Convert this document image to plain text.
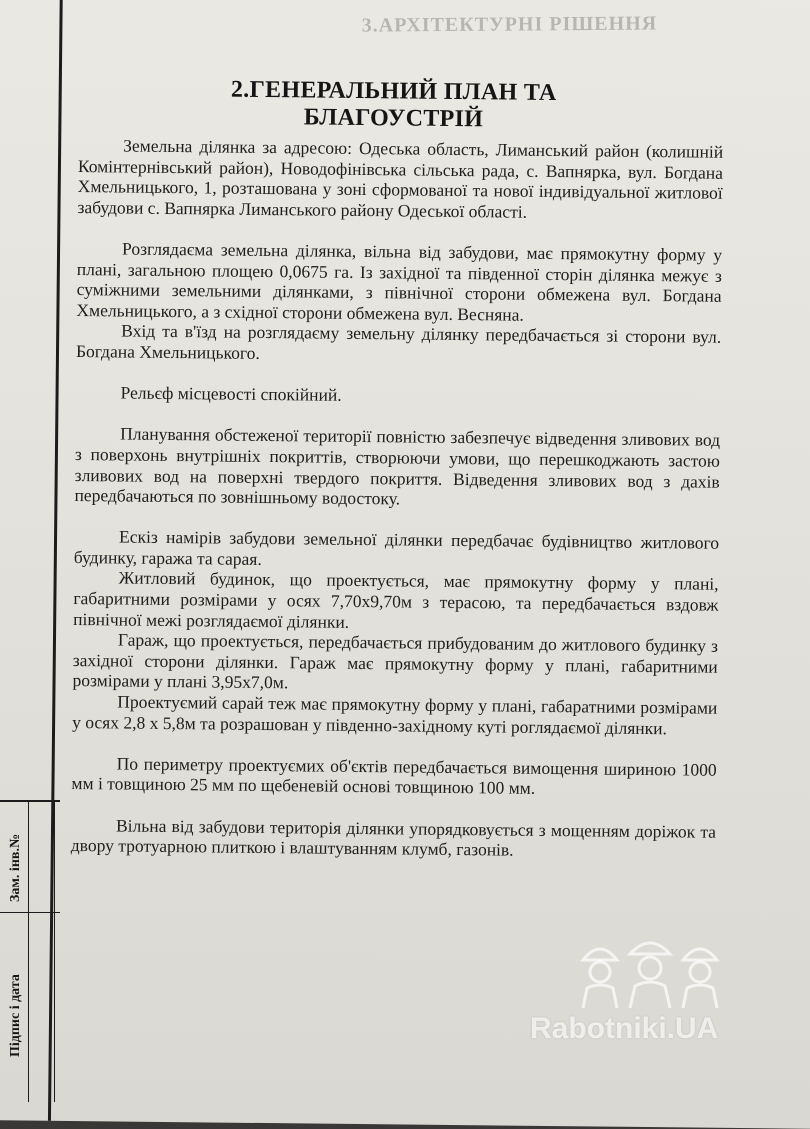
3.АРХІТЕКТУРНІ РІШЕННЯ
2.ГЕНЕРАЛЬНИЙ ПЛАН ТА БЛАГОУСТРІЙ

Земельна ділянка за адресою: Одеська область, Лиманський район (колишній Комінтернівський район), Новодофінівська сільська рада, с. Вапнярка, вул. Богдана Хмельницького, 1, розташована у зоні сформованої та нової індивідуальної житлової забудови с. Вапнярка Лиманського району Одеської області.

Розглядаєма земельна ділянка, вільна від забудови, має прямокутну форму у плані, загальною площею 0,0675 га. Із західної та південної сторін ділянка межує з суміжними земельними ділянками, з північної сторони обмежена вул. Богдана Хмельницького, а з східної сторони обмежена вул. Весняна.

Вхід та в'їзд на розглядаєму земельну ділянку передбачається зі сторони вул. Богдана Хмельницького.

Рельєф місцевості спокійний.

Планування обстеженої території повністю забезпечує відведення зливових вод з поверхонь внутрішніх покриттів, створюючи умови, що перешкоджають застою зливових вод на поверхні твердого покриття. Відведення зливових вод з дахів передбачаються по зовнішньому водостоку.

Ескіз намірів забудови земельної ділянки передбачає будівництво житлового будинку, гаража та сарая.

Житловий будинок, що проектується, має прямокутну форму у плані, габаритними розмірами у осях 7,70х9,70м з терасою, та передбачається вздовж північної межі розглядаємої ділянки.

Гараж, що проектується, передбачається прибудованим до житлового будинку з західної сторони ділянки. Гараж має прямокутну форму у плані, габаритними розмірами у плані 3,95х7,0м.

Проектуємий сарай теж має прямокутну форму у плані, габаратними розмірами у осях 2,8 х 5,8м та розрашован у південно-західному куті роглядаємої ділянки.

По периметру проектуємих об'єктів передбачається вимощення шириною 1000 мм і товщиною 25 мм по щебеневій основі товщиною 100 мм.

Вільна від забудови територія ділянки упорядковується з мощенням доріжок та двору тротуарною плиткою і влаштуванням клумб, газонів.

Зам. інв.№
Підпис і дата	Rabotniki.UA
